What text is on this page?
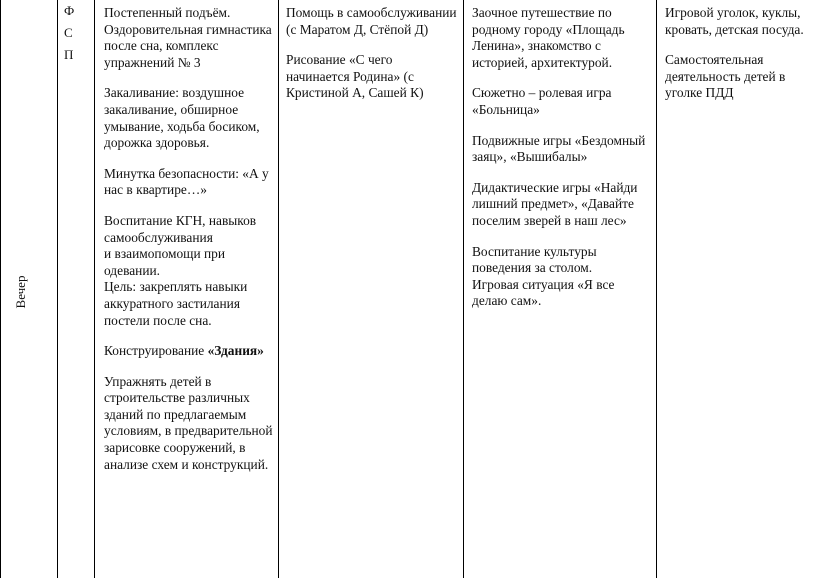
Вечер
Ф
С
П

Постепенный подъём. Оздоровительная гимнастика после сна, комплекс упражнений № 3

Закаливание: воздушное закаливание, обширное умывание, ходьба босиком, дорожка здоровья.

Минутка безопасности: «А у нас в квартире…»

Воспитание КГН, навыков самообслуживания
и взаимопомощи при одевании.
Цель: закреплять навыки аккуратного застилания постели после сна.

Конструирование «Здания»

Упражнять детей в строительстве различных зданий по предлагаемым условиям, в предварительной зарисовке сооружений, в анализе схем и конструкций.

Помощь в самообслуживании (с Маратом Д, Стёпой Д)

Рисование «С чего начинается Родина» (с Кристиной А, Сашей К)

Заочное путешествие по родному городу «Площадь Ленина», знакомство с историей, архитектурой.

Сюжетно – ролевая игра «Больница»

Подвижные игры «Бездомный заяц», «Вышибалы»

Дидактические игры «Найди лишний предмет», «Давайте поселим зверей в наш лес»

Воспитание культуры поведения за столом.
Игровая ситуация «Я все делаю сам».

Игровой уголок, куклы, кровать, детская посуда.

Самостоятельная деятельность детей в уголке ПДД
